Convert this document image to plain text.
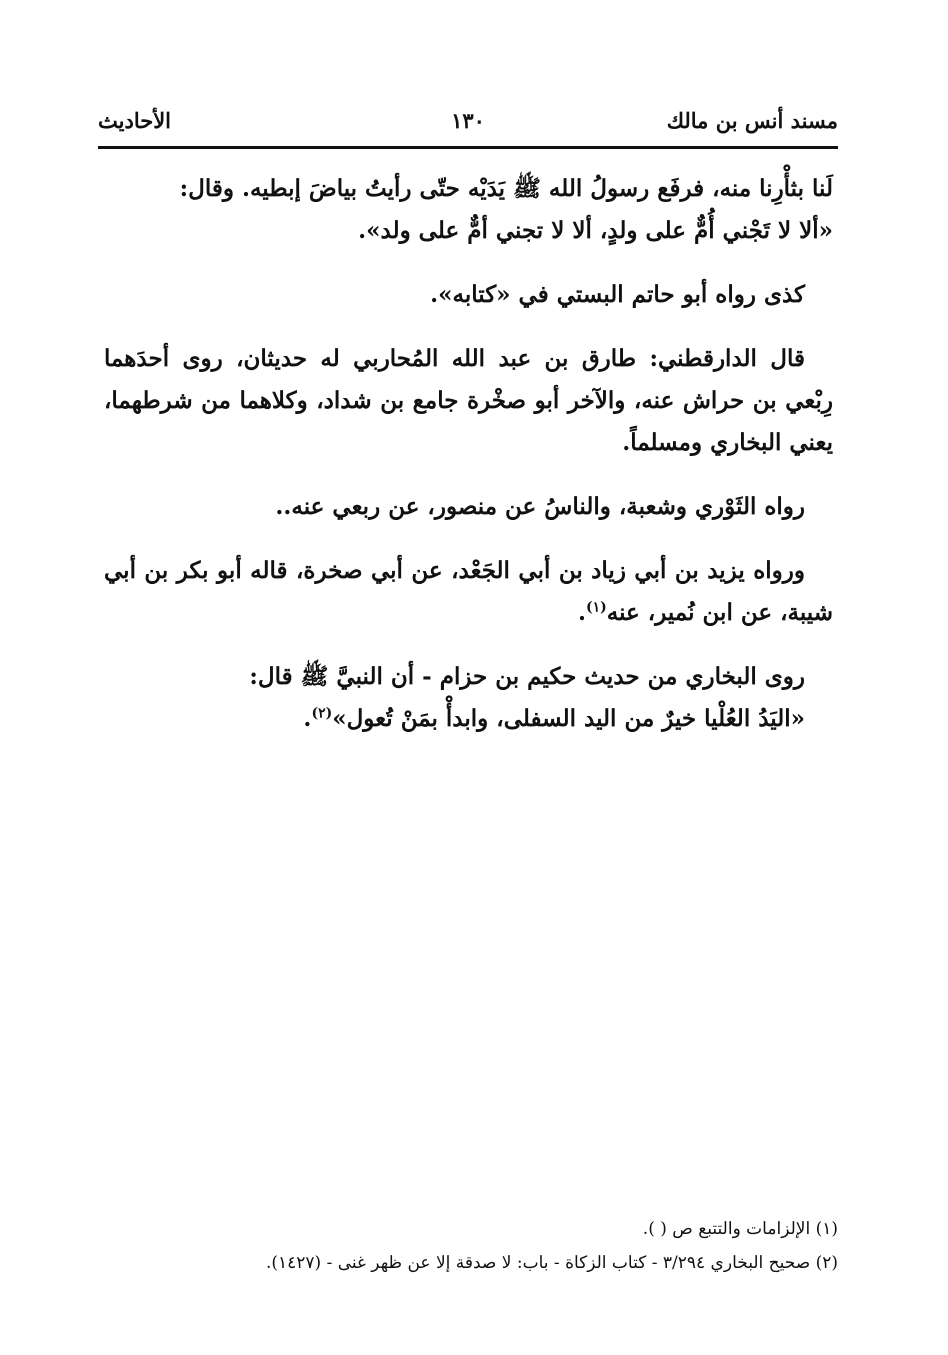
مسند أنس بن مالك
١٣٠
الأحاديث

لَنا بثأْرِنا منه، فرفَع رسولُ الله ﷺ يَدَيْه حتّى رأيتُ بياضَ إبطيه. وقال:
«ألا لا تَجْني أُمٌّ على ولدٍ، ألا لا تجني أمٌّ على ولد».

كذى رواه أبو حاتم البستي في «كتابه».

قال الدارقطني: طارق بن عبد الله المُحاربي له حديثان، روى أحدَهما رِبْعي بن حراش عنه، والآخر أبو صخْرة جامع بن شداد، وكلاهما من شرطهما، يعني البخاري ومسلماً.

رواه الثَوْري وشعبة، والناسُ عن منصور، عن ربعي عنه..

ورواه يزيد بن أبي زياد بن أبي الجَعْد، عن أبي صخرة، قاله أبو بكر بن أبي شيبة، عن ابن نُمير، عنه$^{(١)}$.

روى البخاري من حديث حكيم بن حزام - أن النبيَّ ﷺ قال:
«اليَدُ العُلْيا خيرٌ من اليد السفلى، وابدأْ بمَنْ تُعول»$^{(٢)}$.

(١) الإلزامات والتتبع ص ( ).
(٢) صحيح البخاري ٣/٢٩٤ - كتاب الزكاة - باب: لا صدقة إلا عن ظهر غنى - (١٤٢٧).
